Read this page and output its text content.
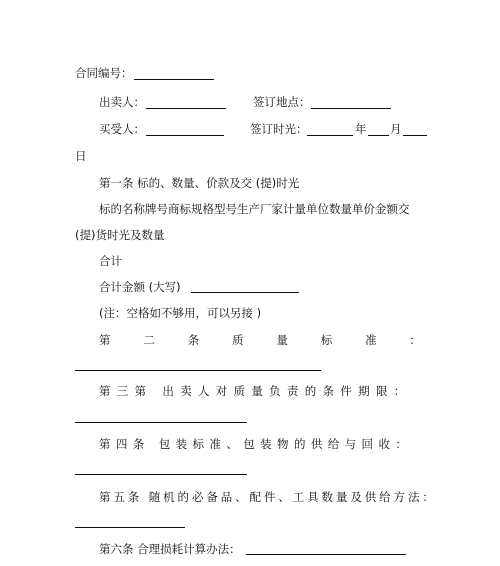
合同编号：
出卖人：	签订地点：
买受人：	签订时光：	年 月
日
第一条 标的、数量、价款及交 (提)时光
标的名称牌号商标规格型号生产厂家计量单位数量单价金额交
(提)货时光及数量
合计
合计金额 (大写)
(注：空格如不够用，可以另接 )
第	二	条	质	量	标	准	：
第三第 出卖人对质量负责的条件期限：
第四条 包装标准、包装物的供给与回收：
第五条 随机的必备品、配件、工具数量及供给方法：
第六条 合理损耗计算办法：
